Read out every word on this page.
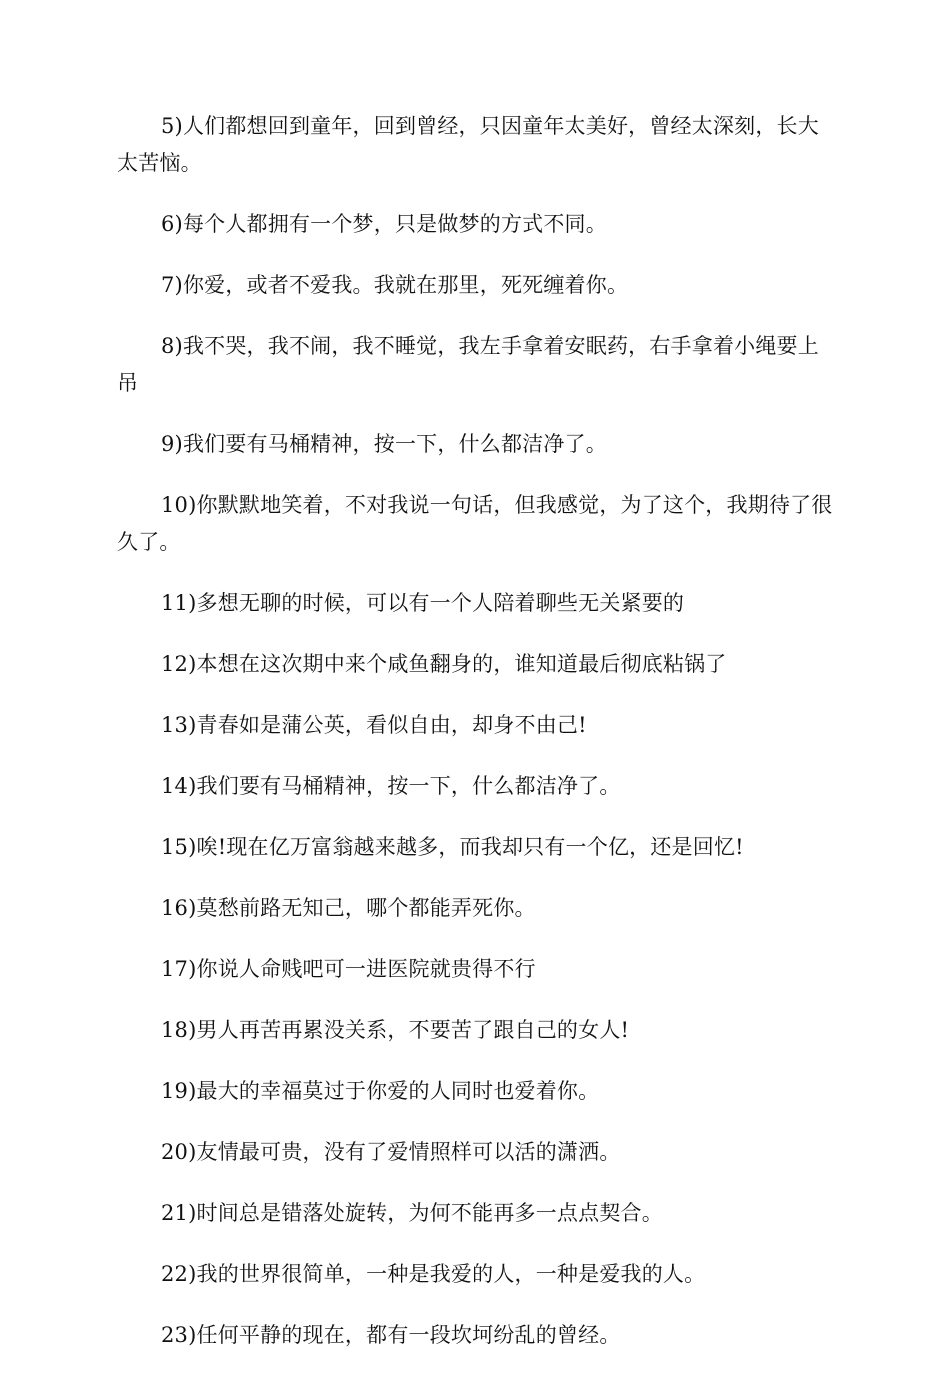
5)人们都想回到童年，回到曾经，只因童年太美好，曾经太深刻，长大太苦恼。

6)每个人都拥有一个梦，只是做梦的方式不同。

7)你爱，或者不爱我。我就在那里，死死缠着你。

8)我不哭，我不闹，我不睡觉，我左手拿着安眠药，右手拿着小绳要上吊

9)我们要有马桶精神，按一下，什么都洁净了。

10)你默默地笑着，不对我说一句话，但我感觉，为了这个，我期待了很久了。

11)多想无聊的时候，可以有一个人陪着聊些无关紧要的

12)本想在这次期中来个咸鱼翻身的，谁知道最后彻底粘锅了

13)青春如是蒲公英，看似自由，却身不由己!

14)我们要有马桶精神，按一下，什么都洁净了。

15)唉!现在亿万富翁越来越多，而我却只有一个亿，还是回忆!

16)莫愁前路无知己，哪个都能弄死你。

17)你说人命贱吧可一进医院就贵得不行

18)男人再苦再累没关系，不要苦了跟自己的女人!

19)最大的幸福莫过于你爱的人同时也爱着你。

20)友情最可贵，没有了爱情照样可以活的潇洒。

21)时间总是错落处旋转，为何不能再多一点点契合。

22)我的世界很简单，一种是我爱的人，一种是爱我的人。

23)任何平静的现在，都有一段坎坷纷乱的曾经。
